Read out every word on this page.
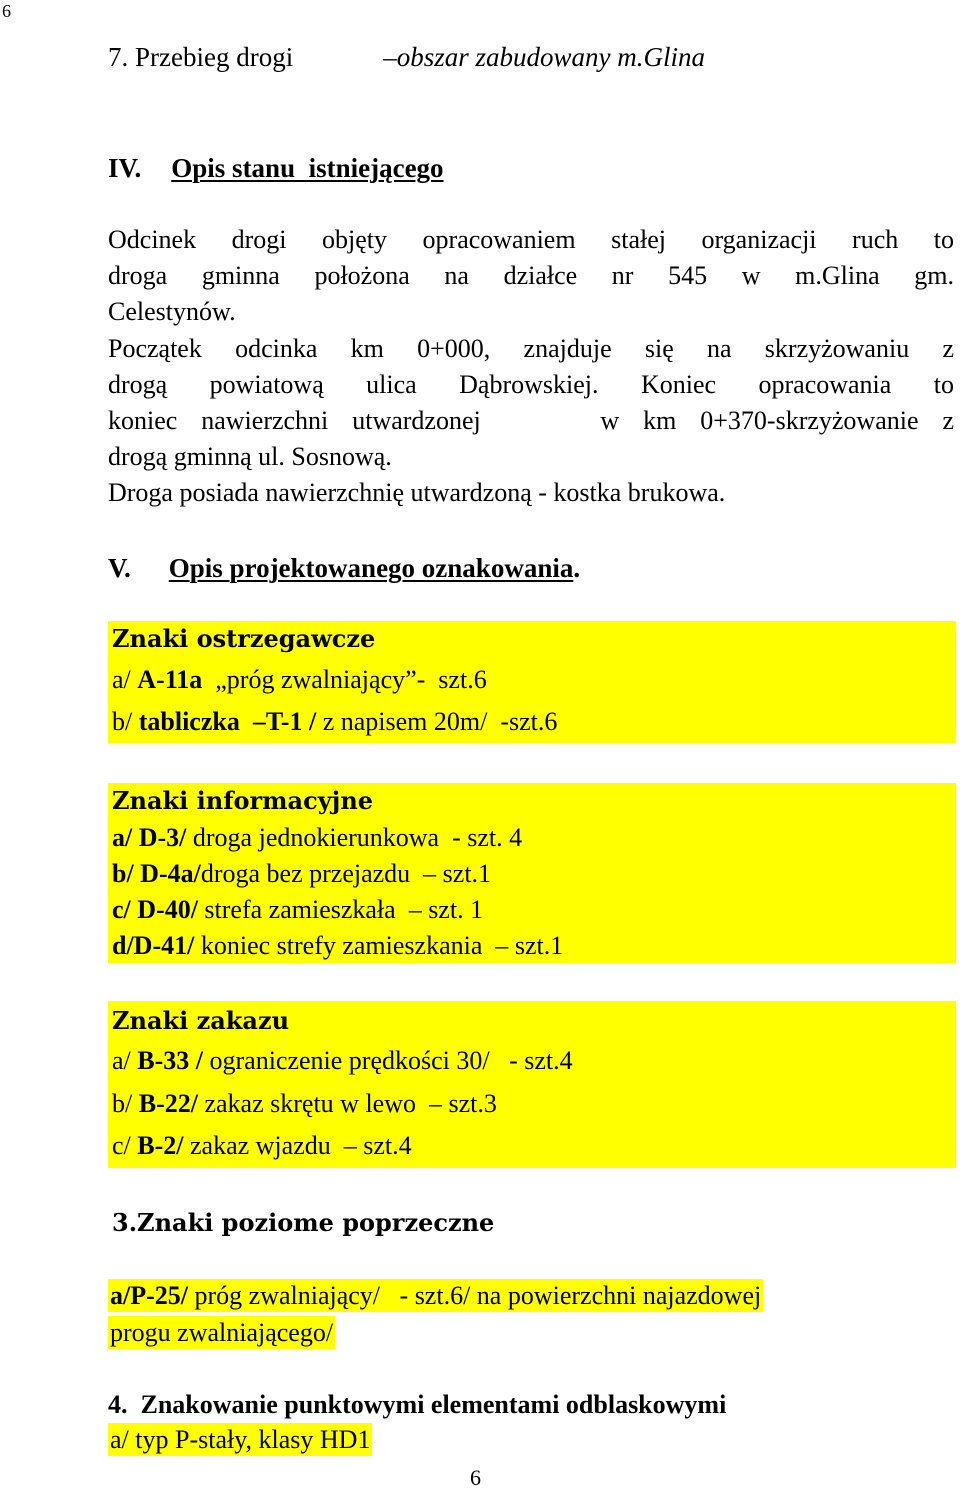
6
6
7. Przebieg drogi	–obszar zabudowany m.Glina
IV. Opis stanu  istniejącego
Odcinek drogi objęty opracowaniem stałej organizacji ruch to
droga gminna położona na działce nr 545 w m.Glina gm.
Celestynów.
Początek odcinka km 0+000, znajduje się na skrzyżowaniu z
drogą powiatową ulica Dąbrowskiej. Koniec opracowania to
koniec nawierzchni utwardzonej     w km 0+370-skrzyżowanie z
drogą gminną ul. Sosnową.
Droga posiada nawierzchnię utwardzoną - kostka brukowa.
V. Opis projektowanego oznakowania.
Znaki ostrzegawcze
a/ A-11a  „próg zwalniający”-  szt.6
b/ tabliczka  –T-1 / z napisem 20m/  -szt.6
Znaki informacyjne
a/ D-3/ droga jednokierunkowa  - szt. 4
b/ D-4a/droga bez przejazdu  – szt.1
c/ D-40/ strefa zamieszkała  – szt. 1
d/D-41/ koniec strefy zamieszkania  – szt.1
Znaki zakazu
a/ B-33 / ograniczenie prędkości 30/   - szt.4
b/ B-22/ zakaz skrętu w lewo  – szt.3
c/ B-2/ zakaz wjazdu  – szt.4
3.Znaki poziome poprzeczne
a/P-25/ próg zwalniający/   - szt.6/ na powierzchni najazdowej
progu zwalniającego/
4.  Znakowanie punktowymi elementami odblaskowymi
a/ typ P-stały, klasy HD1
